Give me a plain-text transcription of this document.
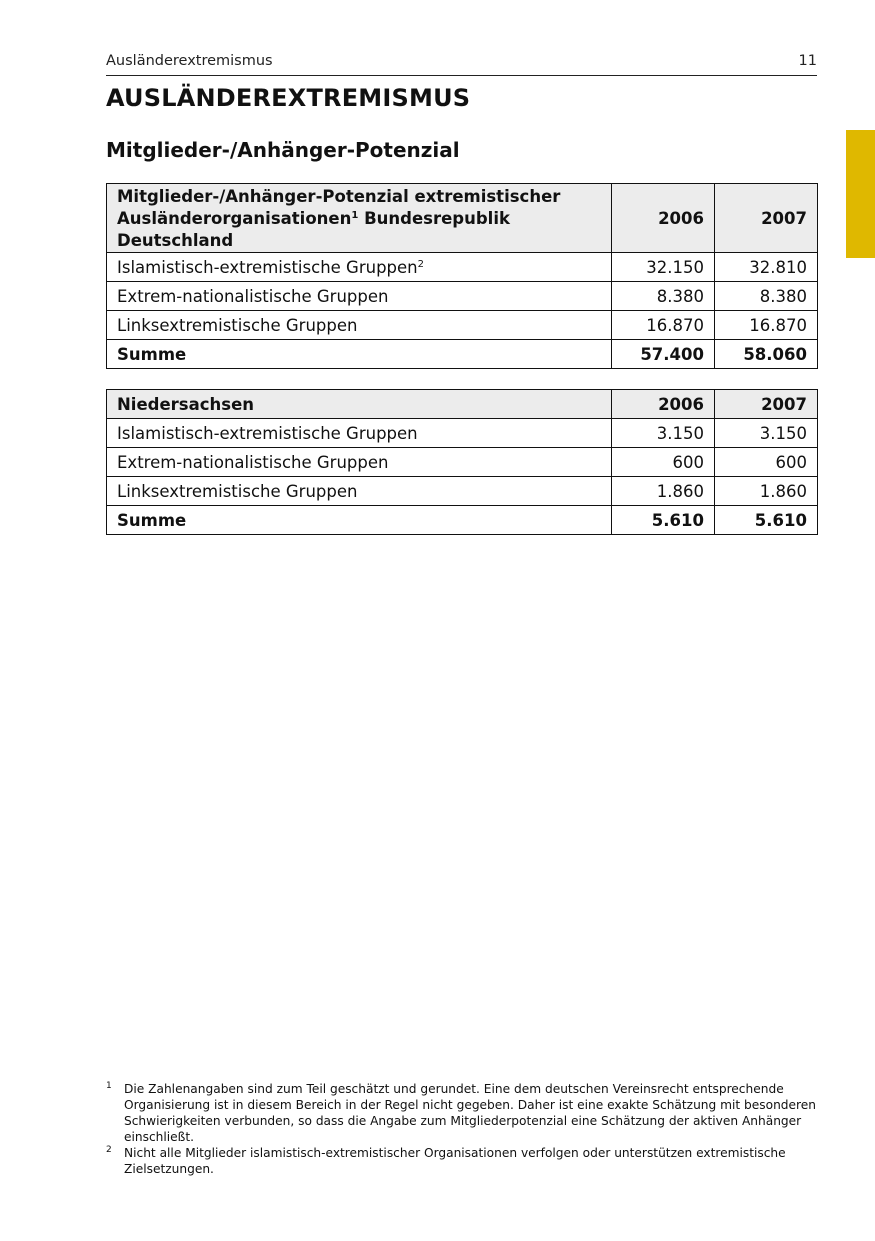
Ausländerextremismus	11
AUSLÄNDEREXTREMISMUS
Mitglieder-/Anhänger-Potenzial
Mitglieder-/Anhänger-Potenzial extremistischer
Ausländerorganisationen$^1$ Bundesrepublik Deutschland	2006	2007
Islamistisch-extremistische Gruppen$^2$	32.150	32.810
Extrem-nationalistische Gruppen	8.380	8.380
Linksextremistische Gruppen	16.870	16.870
Summe	57.400	58.060
Niedersachsen	2006	2007
Islamistisch-extremistische Gruppen	3.150	3.150
Extrem-nationalistische Gruppen	600	600
Linksextremistische Gruppen	1.860	1.860
Summe	5.610	5.610
1 Die Zahlenangaben sind zum Teil geschätzt und gerundet. Eine dem deutschen Vereinsrecht entsprechende Organisierung ist in diesem Bereich in der Regel nicht gegeben. Daher ist eine exakte Schätzung mit besonderen Schwierigkeiten verbunden, so dass die Angabe zum Mitgliederpotenzial eine Schätzung der aktiven Anhänger einschließt.
2 Nicht alle Mitglieder islamistisch-extremistischer Organisationen verfolgen oder unterstützen extremistische Zielsetzungen.
